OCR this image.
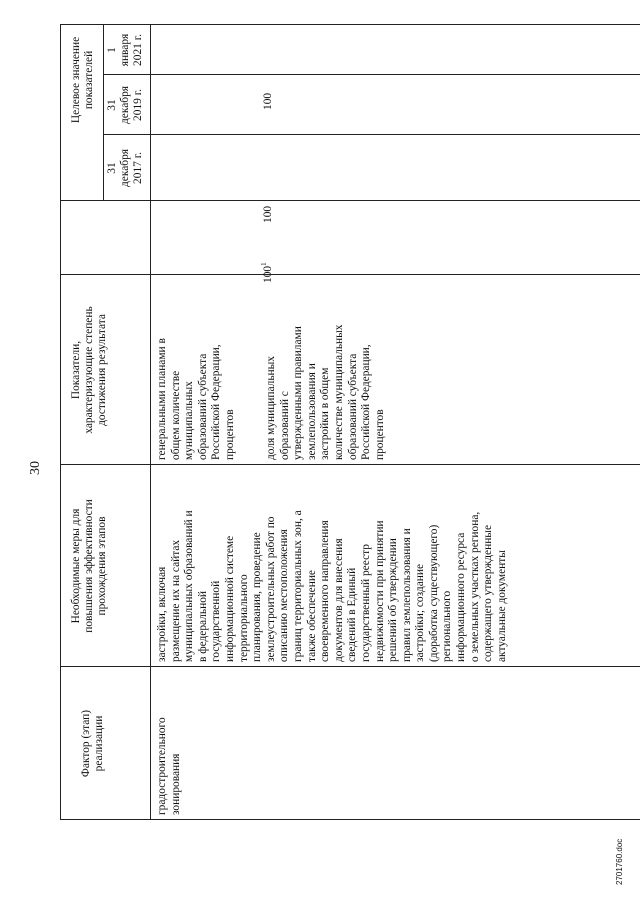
30
Фактор (этап) реализации
Необходимые меры для повышения эффективности прохождения этапов
Показатели, характеризующие степень достижения результата
Целевое значение показателей
31 декабря 2017 г.
31 декабря 2019 г.
1 января 2021 г.
градостроительного зонирования
застройки, включая размещение их на сайтах муниципальных образований и в федеральной государственной информационной системе территориального планирования, проведение землеустроительных работ по описанию местоположения границ территориальных зон, а также обеспечение своевременного направления документов для внесения сведений в Единый государственный реестр недвижимости при принятии решений об утверждении правил землепользования и застройки; создание (доработка существующего) регионального информационного ресурса о земельных участках региона, содержащего утвержденные актуальные документы
генеральными планами в общем количестве муниципальных образований субъекта Российской Федерации, процентов	доля муниципальных образований с утвержденными правилами землепользования и застройки в общем количестве муниципальных образований субъекта Российской Федерации, процентов
$100^1$
100
100
2701760.doc
